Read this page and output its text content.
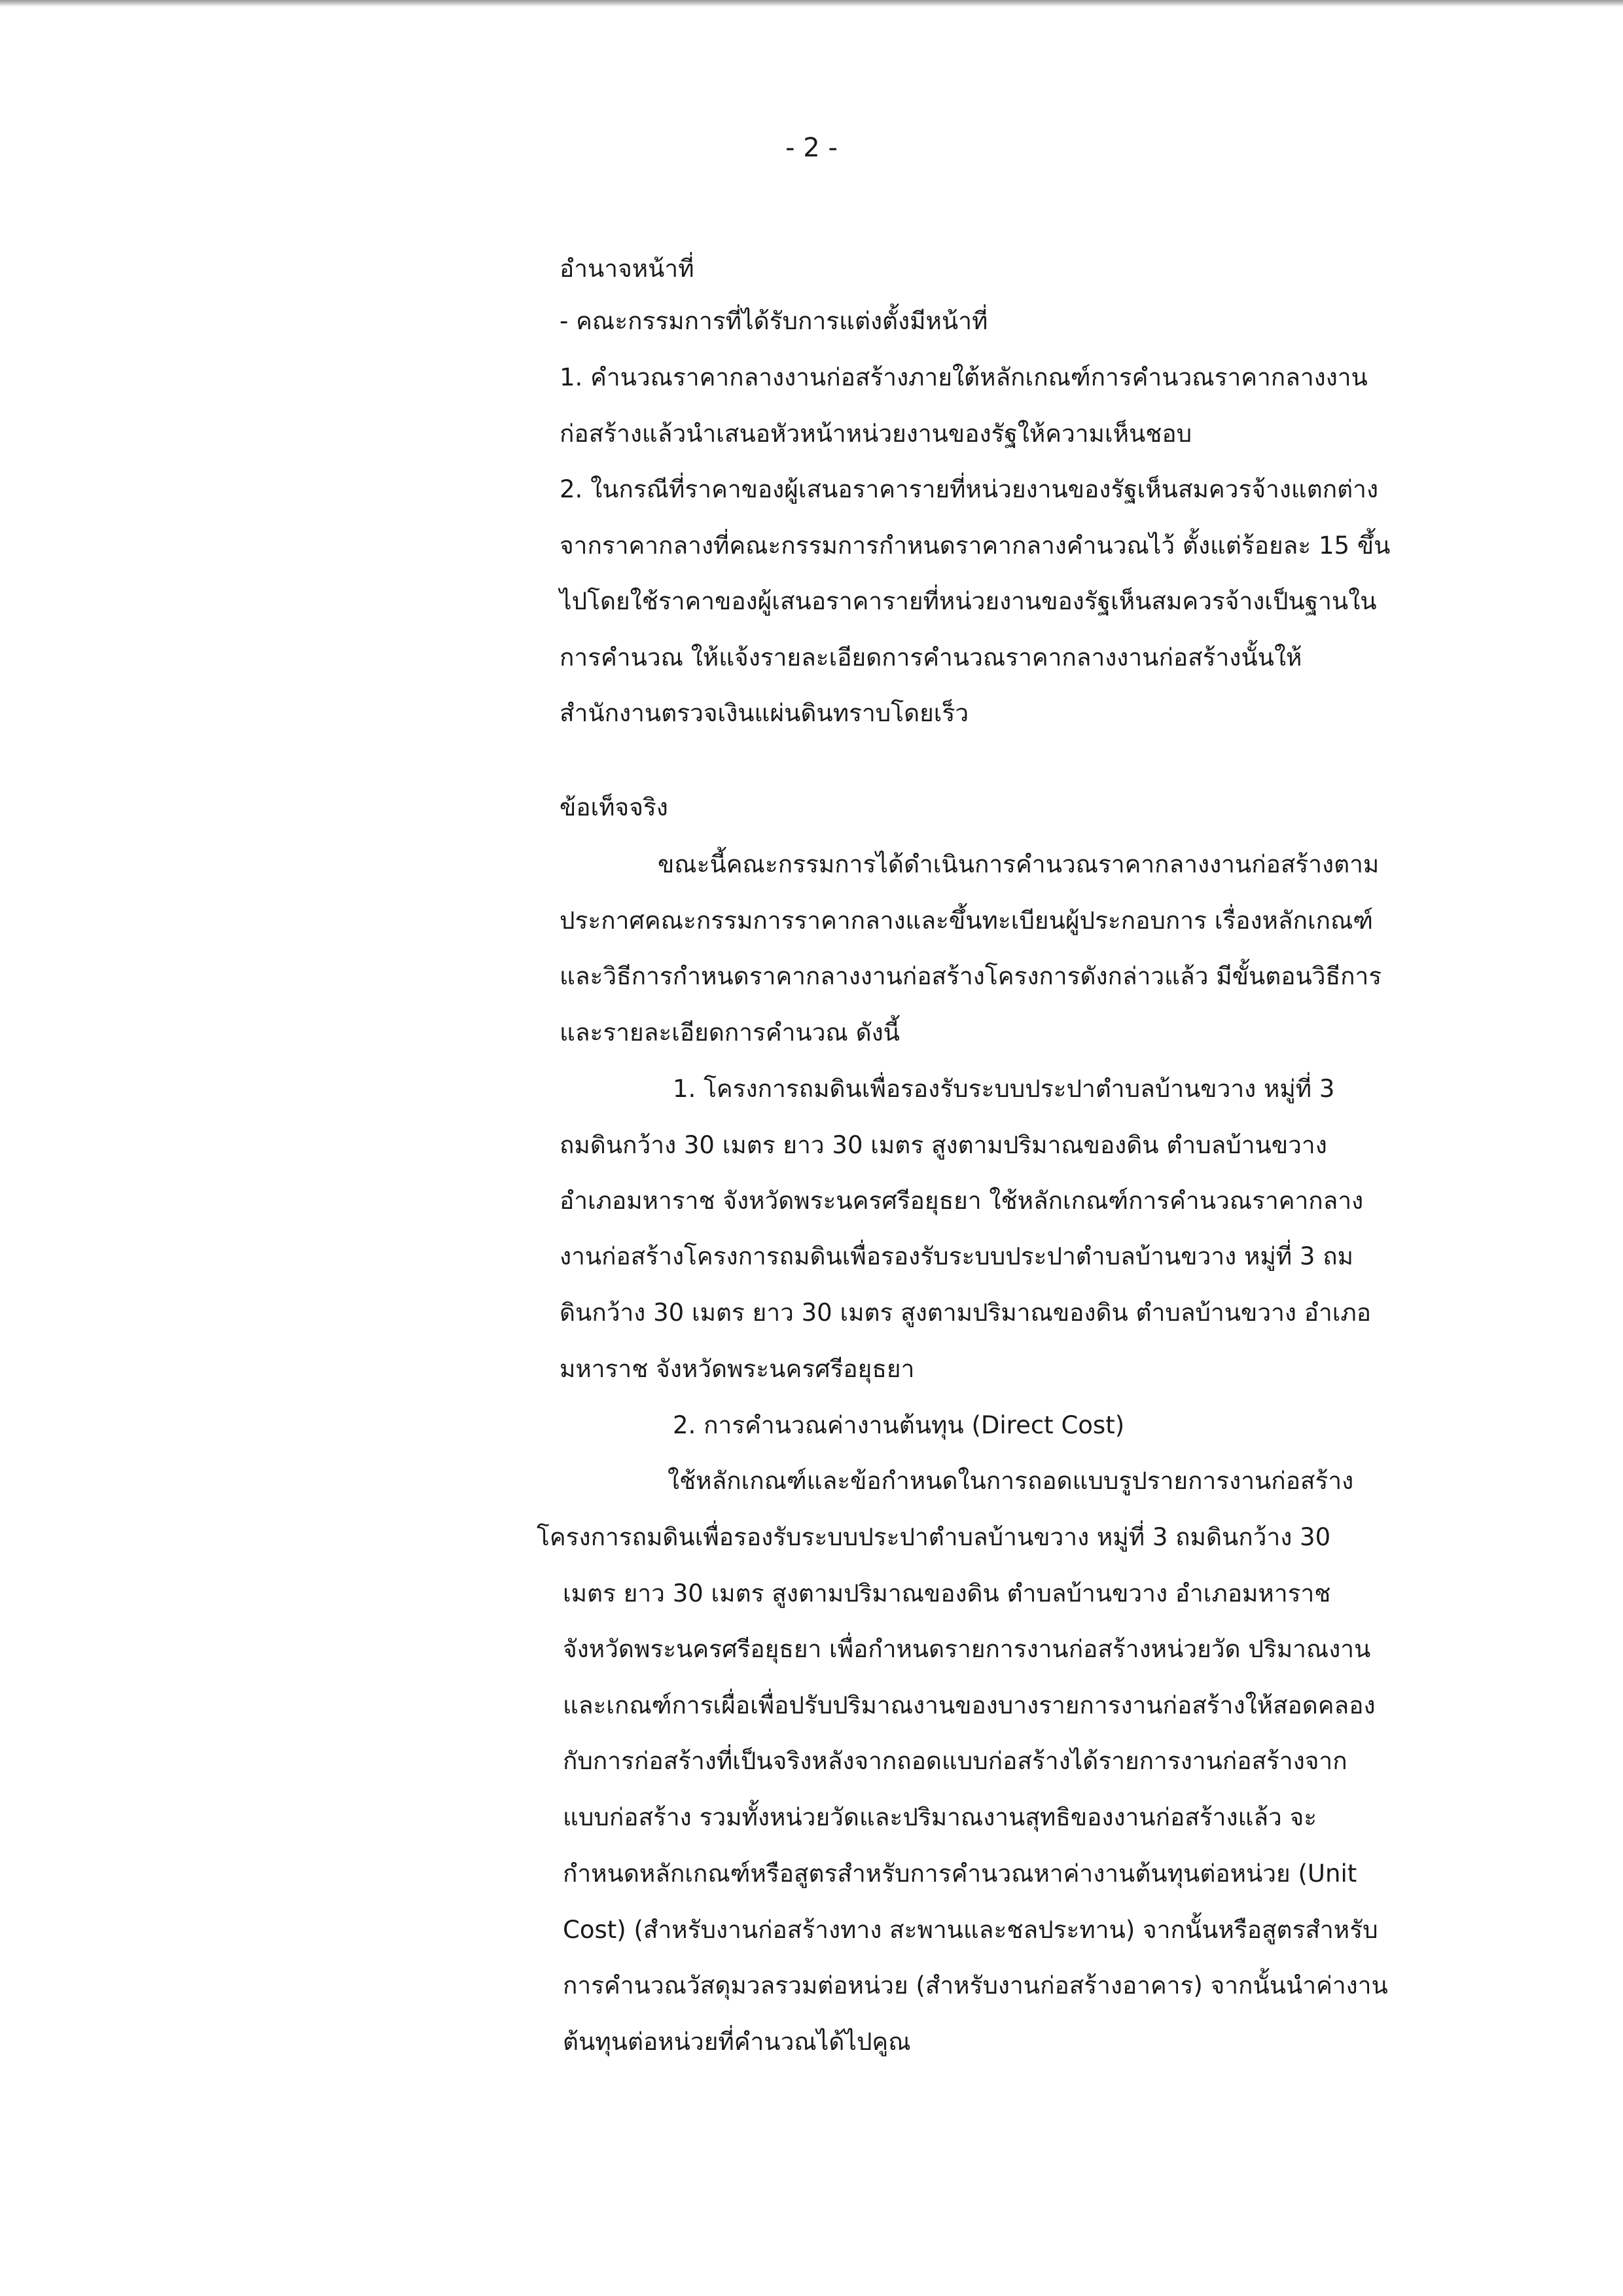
- 2 -
อำนาจหน้าที่
- คณะกรรมการที่ได้รับการแต่งตั้งมีหน้าที่
1. คำนวณราคากลางงานก่อสร้างภายใต้หลักเกณฑ์การคำนวณราคากลางงาน
ก่อสร้างแล้วนำเสนอหัวหน้าหน่วยงานของรัฐให้ความเห็นชอบ
2. ในกรณีที่ราคาของผู้เสนอราคารายที่หน่วยงานของรัฐเห็นสมควรจ้างแตกต่าง
จากราคากลางที่คณะกรรมการกำหนดราคากลางคำนวณไว้ ตั้งแต่ร้อยละ 15 ขึ้น
ไปโดยใช้ราคาของผู้เสนอราคารายที่หน่วยงานของรัฐเห็นสมควรจ้างเป็นฐานใน
การคำนวณ ให้แจ้งรายละเอียดการคำนวณราคากลางงานก่อสร้างนั้นให้
สำนักงานตรวจเงินแผ่นดินทราบโดยเร็ว
ข้อเท็จจริง
ขณะนี้คณะกรรมการได้ดำเนินการคำนวณราคากลางงานก่อสร้างตาม
ประกาศคณะกรรมการราคากลางและขึ้นทะเบียนผู้ประกอบการ เรื่องหลักเกณฑ์
และวิธีการกำหนดราคากลางงานก่อสร้างโครงการดังกล่าวแล้ว มีขั้นตอนวิธีการ
และรายละเอียดการคำนวณ ดังนี้
1. โครงการถมดินเพื่อรองรับระบบประปาตำบลบ้านขวาง หมู่ที่ 3
ถมดินกว้าง 30 เมตร ยาว 30 เมตร สูงตามปริมาณของดิน ตำบลบ้านขวาง
อำเภอมหาราช จังหวัดพระนครศรีอยุธยา ใช้หลักเกณฑ์การคำนวณราคากลาง
งานก่อสร้างโครงการถมดินเพื่อรองรับระบบประปาตำบลบ้านขวาง หมู่ที่ 3 ถม
ดินกว้าง 30 เมตร ยาว 30 เมตร สูงตามปริมาณของดิน ตำบลบ้านขวาง อำเภอ
มหาราช จังหวัดพระนครศรีอยุธยา
2. การคำนวณค่างานต้นทุน (Direct Cost)
ใช้หลักเกณฑ์และข้อกำหนดในการถอดแบบรูปรายการงานก่อสร้าง
โครงการถมดินเพื่อรองรับระบบประปาตำบลบ้านขวาง หมู่ที่ 3 ถมดินกว้าง 30
เมตร ยาว 30 เมตร สูงตามปริมาณของดิน ตำบลบ้านขวาง อำเภอมหาราช
จังหวัดพระนครศรีอยุธยา เพื่อกำหนดรายการงานก่อสร้างหน่วยวัด ปริมาณงาน
และเกณฑ์การเผื่อเพื่อปรับปริมาณงานของบางรายการงานก่อสร้างให้สอดคลอง
กับการก่อสร้างที่เป็นจริงหลังจากถอดแบบก่อสร้างได้รายการงานก่อสร้างจาก
แบบก่อสร้าง รวมทั้งหน่วยวัดและปริมาณงานสุทธิของงานก่อสร้างแล้ว จะ
กำหนดหลักเกณฑ์หรือสูตรสำหรับการคำนวณหาค่างานต้นทุนต่อหน่วย (Unit
Cost) (สำหรับงานก่อสร้างทาง สะพานและชลประทาน) จากนั้นหรือสูตรสำหรับ
การคำนวณวัสดุมวลรวมต่อหน่วย (สำหรับงานก่อสร้างอาคาร) จากนั้นนำค่างาน
ต้นทุนต่อหน่วยที่คำนวณได้ไปคูณ
